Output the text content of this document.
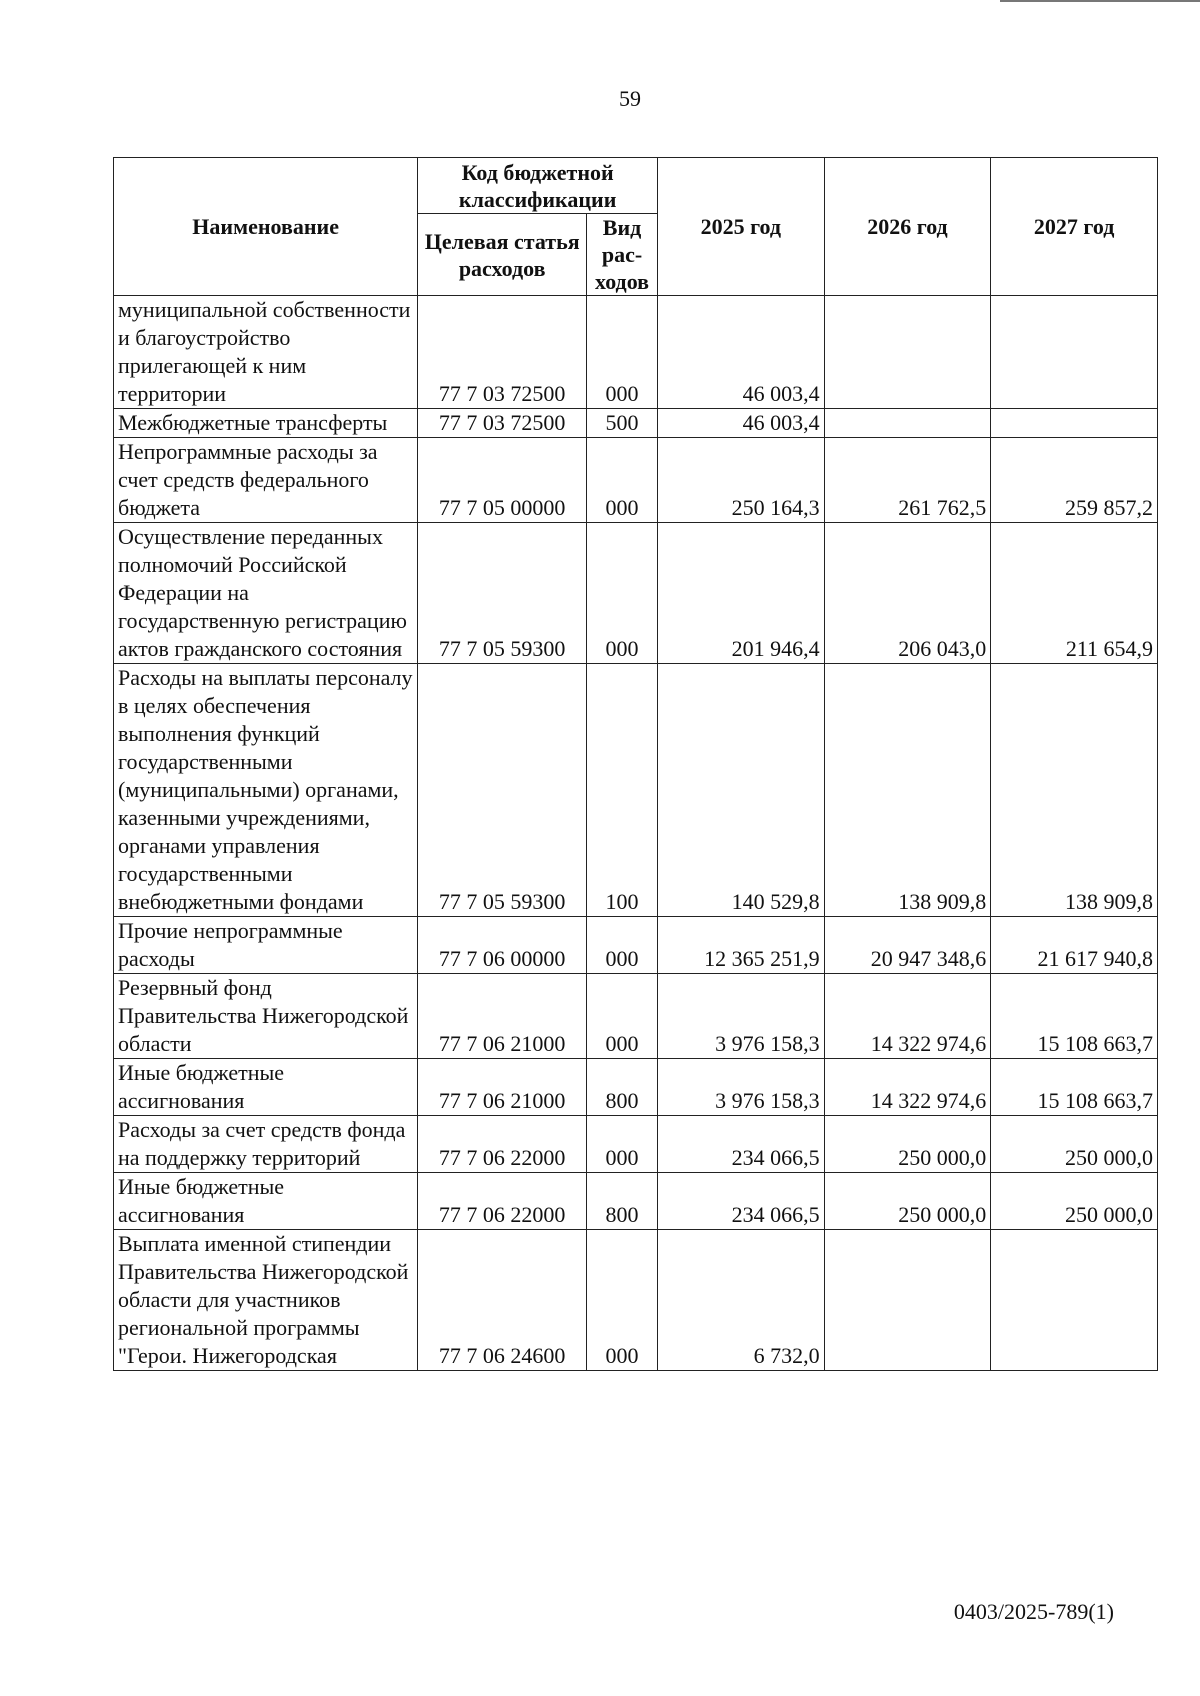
59
Наименование	Код бюджетной классификации		2025 год	2026 год	2027 год
	Целевая статья расходов	Вид рас-ходов			
муниципальной собственности и благоустройство прилегающей к ним территории	77 7 03 72500	000	46 003,4		
Межбюджетные трансферты	77 7 03 72500	500	46 003,4		
Непрограммные расходы за счет средств федерального бюджета	77 7 05 00000	000	250 164,3	261 762,5	259 857,2
Осуществление переданных полномочий Российской Федерации на государственную регистрацию актов гражданского состояния	77 7 05 59300	000	201 946,4	206 043,0	211 654,9
Расходы на выплаты персоналу в целях обеспечения выполнения функций государственными (муниципальными) органами, казенными учреждениями, органами управления государственными внебюджетными фондами	77 7 05 59300	100	140 529,8	138 909,8	138 909,8
Прочие непрограммные расходы	77 7 06 00000	000	12 365 251,9	20 947 348,6	21 617 940,8
Резервный фонд Правительства Нижегородской области	77 7 06 21000	000	3 976 158,3	14 322 974,6	15 108 663,7
Иные бюджетные ассигнования	77 7 06 21000	800	3 976 158,3	14 322 974,6	15 108 663,7
Расходы за счет средств фонда на поддержку территорий	77 7 06 22000	000	234 066,5	250 000,0	250 000,0
Иные бюджетные ассигнования	77 7 06 22000	800	234 066,5	250 000,0	250 000,0
Выплата именной стипендии Правительства Нижегородской области для участников региональной программы "Герои. Нижегородская	77 7 06 24600	000	6 732,0		
0403/2025-789(1)
